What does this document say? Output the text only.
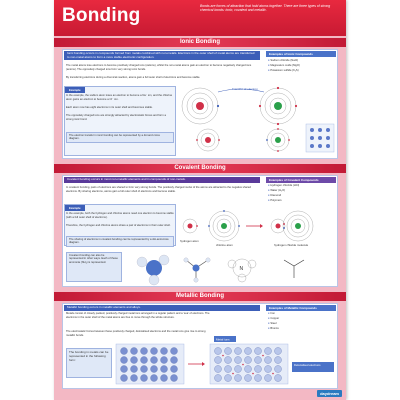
Bonding	Bonds are forces of attraction that hold atoms together. There are three types of strong chemical bonds: ionic, covalent and metallic.
Ionic Bonding
Ionic bonding occurs in compounds formed from metals combined with non-metals. Electrons in the outer shell of metal atoms are transferred to non-metal atoms to form a more stable electronic configuration.
The metal atoms lose electrons to become positively charged ions (cations), whilst the non-metal atoms gain an electron to become negatively charged ions (anions). The oppositely charged ions form very strong ionic bonds.
By transferring electrons during a chemical reaction, atoms gain a full outer shell of electrons and become stable.
Examples of Ionic Compounds
● Sodium chloride (NaCl)
● Magnesium oxide (MgO)
● Potassium sulfide (K₂S)
Example
In the example, the sodium atom loses an electron to become a Na⁺ ion, and the chlorine atom gains an electron to become a Cl⁻ ion.
Each atom now has eight electrons in its outer shell and becomes stable.
The oppositely charged ions are strongly attracted by electrostatic forces and form a strong ionic bond.
The electron transfer in ionic bonding can be represented by a dot and cross diagram.
Transfer of electron
Covalent Bonding
Covalent bonding occurs in most non-metallic elements and in compounds of non-metals.
In covalent bonding, pairs of electrons are shared to form very strong bonds. The positively charged nuclei of the atoms are attracted to the negative shared electrons. By sharing electrons, atoms gain a full outer shell of electrons and become stable.
Examples of Covalent Compounds
● Hydrogen chloride (HCl)
● Water (H₂O)
● Diamond
● Polymers
Example
In the example, both the hydrogen and chlorine atoms need one electron to become stable (with a full outer shell of electrons).
Therefore, the hydrogen and chlorine atoms share a pair of electrons in their outer shell.
The sharing of electrons in covalent bonding can be represented by a dot-and-cross diagram.	hydrogen atom
chlorine atom	hydrogen chloride molecule
Covalent bonding can also be represented in other ways. Each of these ammonia (NH₃) is represented.
N
Metallic Bonding
Metallic bonding occurs in metallic elements and alloys.
Metals consist of closely packed, positively charged metal ions arranged in a regular pattern and a 'sea' of electrons. The electrons in the outer shell of the metal atoms are free to move through the whole structure.
The electrostatic forces between these positively charged, delocalised electrons and the metal ions give rise to strong metallic bonds.
Examples of Metallic Compounds
● Iron
● Copper
● Steel
● Bronze
The bonding in metals can be represented in the following form:
Metal ions
Delocalised electrons
daydream
